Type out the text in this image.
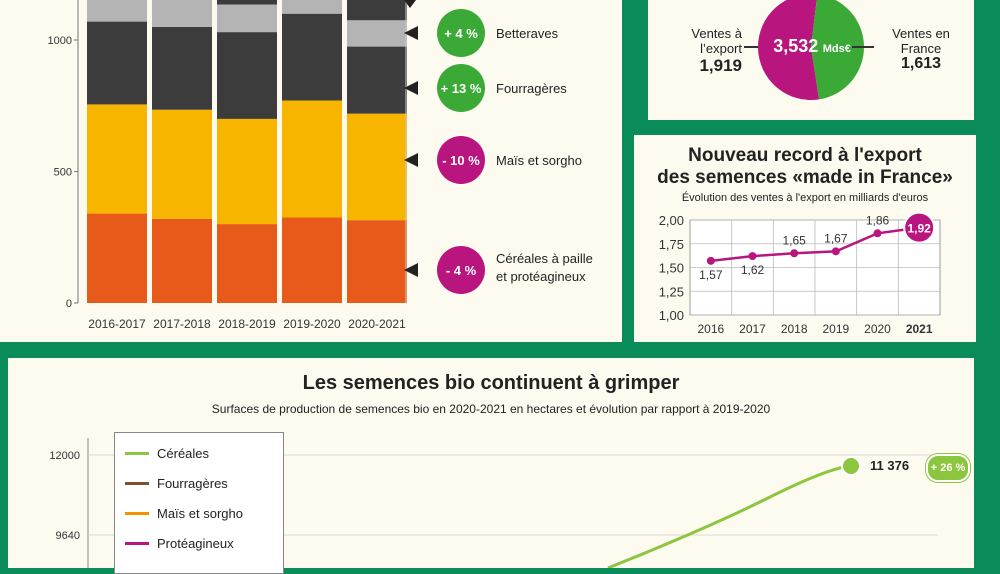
0
500
1000
2016-2017 2017-2018 2018-2019 2019-2020 2020-2021
+ 4 % Betteraves
+ 13 % Fourragères
- 10 % Maïs et sorgho
- 4 %
Céréales à paille
et protéagineux
Ventes à l’export
1,919
3,532 Mds€
Ventes en France
1,613
Nouveau record à l'export
des semences «made in France»
Évolution des ventes à l'export en milliards d'euros
1,00
1,25
1,50
1,75
2,00
2016 2017 2018 2019 2020 2021
1,57 1,62
1,65 1,67
1,86
1,92
Les semences bio continuent à grimper
Surfaces de production de semences bio en 2020-2021 en hectares et évolution par rapport à 2019-2020
12000
9640
Céréales
Fourragères
Maïs et sorgho
Protéagineux
11 376	+ 26 %
